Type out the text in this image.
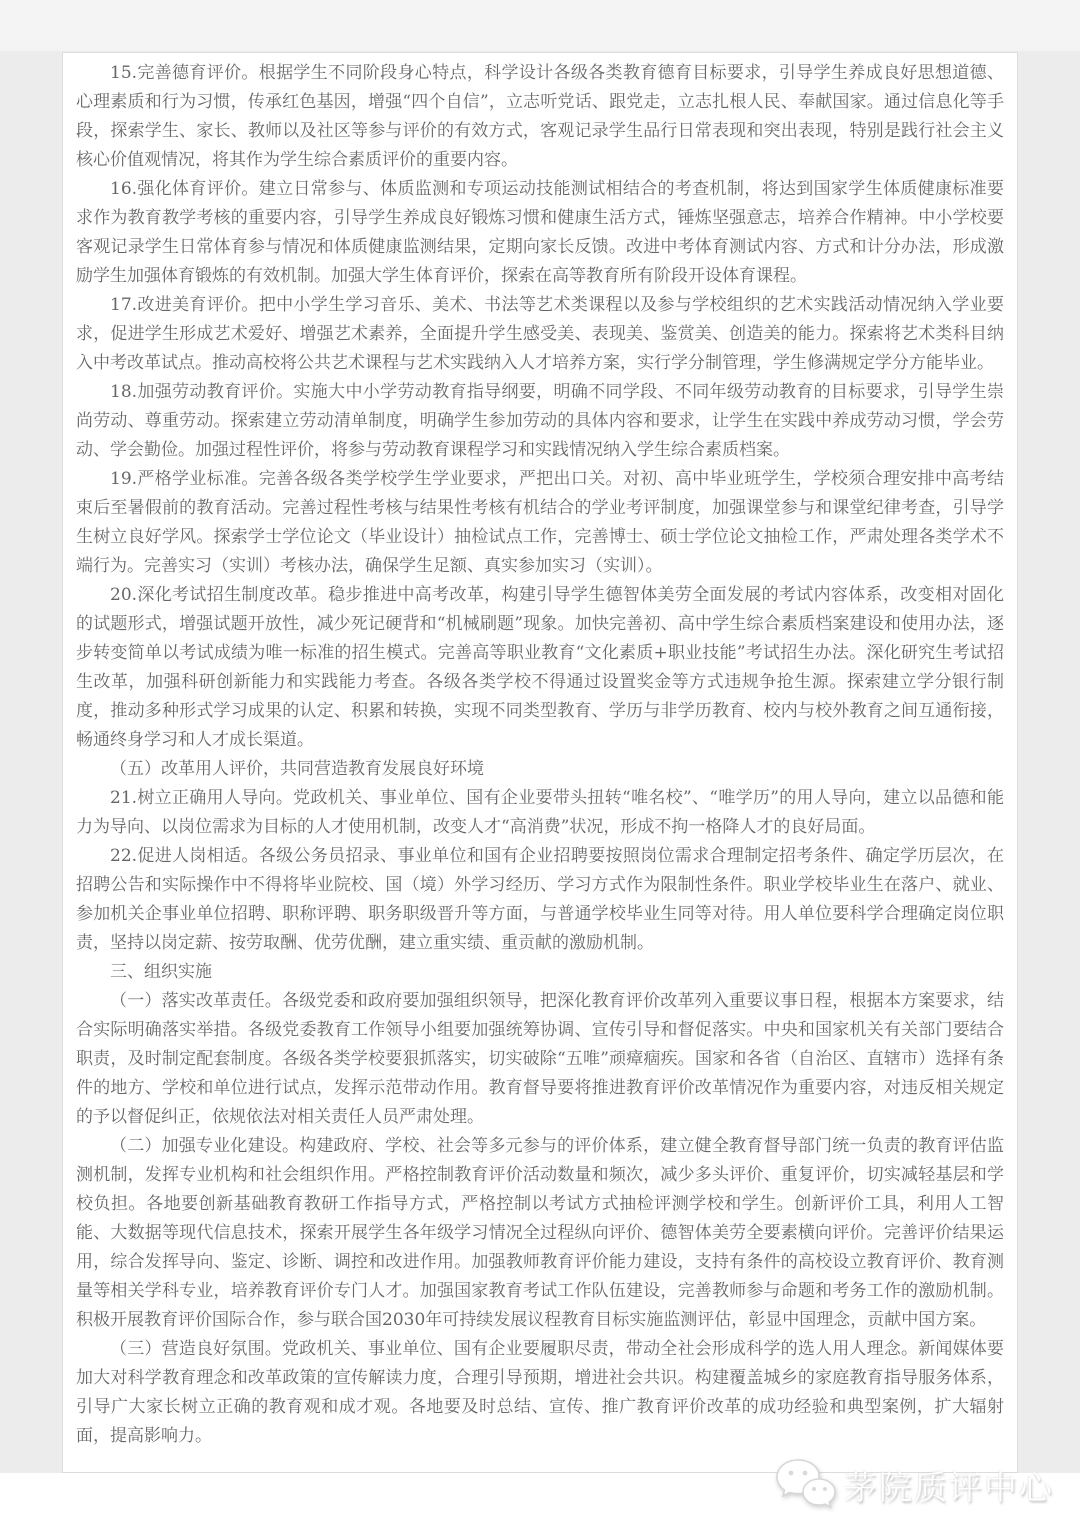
15.完善德育评价。根据学生不同阶段身心特点，科学设计各级各类教育德育目标要求，引导学生养成良好思想道德、心理素质和行为习惯，传承红色基因，增强“四个自信”，立志听党话、跟党走，立志扎根人民、奉献国家。通过信息化等手段，探索学生、家长、教师以及社区等参与评价的有效方式，客观记录学生品行日常表现和突出表现，特别是践行社会主义核心价值观情况，将其作为学生综合素质评价的重要内容。

16.强化体育评价。建立日常参与、体质监测和专项运动技能测试相结合的考查机制，将达到国家学生体质健康标准要求作为教育教学考核的重要内容，引导学生养成良好锻炼习惯和健康生活方式，锤炼坚强意志，培养合作精神。中小学校要客观记录学生日常体育参与情况和体质健康监测结果，定期向家长反馈。改进中考体育测试内容、方式和计分办法，形成激励学生加强体育锻炼的有效机制。加强大学生体育评价，探索在高等教育所有阶段开设体育课程。

17.改进美育评价。把中小学生学习音乐、美术、书法等艺术类课程以及参与学校组织的艺术实践活动情况纳入学业要求，促进学生形成艺术爱好、增强艺术素养，全面提升学生感受美、表现美、鉴赏美、创造美的能力。探索将艺术类科目纳入中考改革试点。推动高校将公共艺术课程与艺术实践纳入人才培养方案，实行学分制管理，学生修满规定学分方能毕业。

18.加强劳动教育评价。实施大中小学劳动教育指导纲要，明确不同学段、不同年级劳动教育的目标要求，引导学生崇尚劳动、尊重劳动。探索建立劳动清单制度，明确学生参加劳动的具体内容和要求，让学生在实践中养成劳动习惯，学会劳动、学会勤俭。加强过程性评价，将参与劳动教育课程学习和实践情况纳入学生综合素质档案。

19.严格学业标准。完善各级各类学校学生学业要求，严把出口关。对初、高中毕业班学生，学校须合理安排中高考结束后至暑假前的教育活动。完善过程性考核与结果性考核有机结合的学业考评制度，加强课堂参与和课堂纪律考查，引导学生树立良好学风。探索学士学位论文（毕业设计）抽检试点工作，完善博士、硕士学位论文抽检工作，严肃处理各类学术不端行为。完善实习（实训）考核办法，确保学生足额、真实参加实习（实训）。

20.深化考试招生制度改革。稳步推进中高考改革，构建引导学生德智体美劳全面发展的考试内容体系，改变相对固化的试题形式，增强试题开放性，减少死记硬背和“机械刷题”现象。加快完善初、高中学生综合素质档案建设和使用办法，逐步转变简单以考试成绩为唯一标准的招生模式。完善高等职业教育“文化素质+职业技能”考试招生办法。深化研究生考试招生改革，加强科研创新能力和实践能力考查。各级各类学校不得通过设置奖金等方式违规争抢生源。探索建立学分银行制度，推动多种形式学习成果的认定、积累和转换，实现不同类型教育、学历与非学历教育、校内与校外教育之间互通衔接，畅通终身学习和人才成长渠道。

（五）改革用人评价，共同营造教育发展良好环境

21.树立正确用人导向。党政机关、事业单位、国有企业要带头扭转“唯名校”、“唯学历”的用人导向，建立以品德和能力为导向、以岗位需求为目标的人才使用机制，改变人才“高消费”状况，形成不拘一格降人才的良好局面。

22.促进人岗相适。各级公务员招录、事业单位和国有企业招聘要按照岗位需求合理制定招考条件、确定学历层次，在招聘公告和实际操作中不得将毕业院校、国（境）外学习经历、学习方式作为限制性条件。职业学校毕业生在落户、就业、参加机关企事业单位招聘、职称评聘、职务职级晋升等方面，与普通学校毕业生同等对待。用人单位要科学合理确定岗位职责，坚持以岗定薪、按劳取酬、优劳优酬，建立重实绩、重贡献的激励机制。

三、组织实施

（一）落实改革责任。各级党委和政府要加强组织领导，把深化教育评价改革列入重要议事日程，根据本方案要求，结合实际明确落实举措。各级党委教育工作领导小组要加强统筹协调、宣传引导和督促落实。中央和国家机关有关部门要结合职责，及时制定配套制度。各级各类学校要狠抓落实，切实破除“五唯”顽瘴痼疾。国家和各省（自治区、直辖市）选择有条件的地方、学校和单位进行试点，发挥示范带动作用。教育督导要将推进教育评价改革情况作为重要内容，对违反相关规定的予以督促纠正，依规依法对相关责任人员严肃处理。

（二）加强专业化建设。构建政府、学校、社会等多元参与的评价体系，建立健全教育督导部门统一负责的教育评估监测机制，发挥专业机构和社会组织作用。严格控制教育评价活动数量和频次，减少多头评价、重复评价，切实减轻基层和学校负担。各地要创新基础教育教研工作指导方式，严格控制以考试方式抽检评测学校和学生。创新评价工具，利用人工智能、大数据等现代信息技术，探索开展学生各年级学习情况全过程纵向评价、德智体美劳全要素横向评价。完善评价结果运用，综合发挥导向、鉴定、诊断、调控和改进作用。加强教师教育评价能力建设，支持有条件的高校设立教育评价、教育测量等相关学科专业，培养教育评价专门人才。加强国家教育考试工作队伍建设，完善教师参与命题和考务工作的激励机制。积极开展教育评价国际合作，参与联合国2030年可持续发展议程教育目标实施监测评估，彰显中国理念，贡献中国方案。

（三）营造良好氛围。党政机关、事业单位、国有企业要履职尽责，带动全社会形成科学的选人用人理念。新闻媒体要加大对科学教育理念和改革政策的宣传解读力度，合理引导预期，增进社会共识。构建覆盖城乡的家庭教育指导服务体系，引导广大家长树立正确的教育观和成才观。各地要及时总结、宣传、推广教育评价改革的成功经验和典型案例，扩大辐射面，提高影响力。

茅院质评中心
